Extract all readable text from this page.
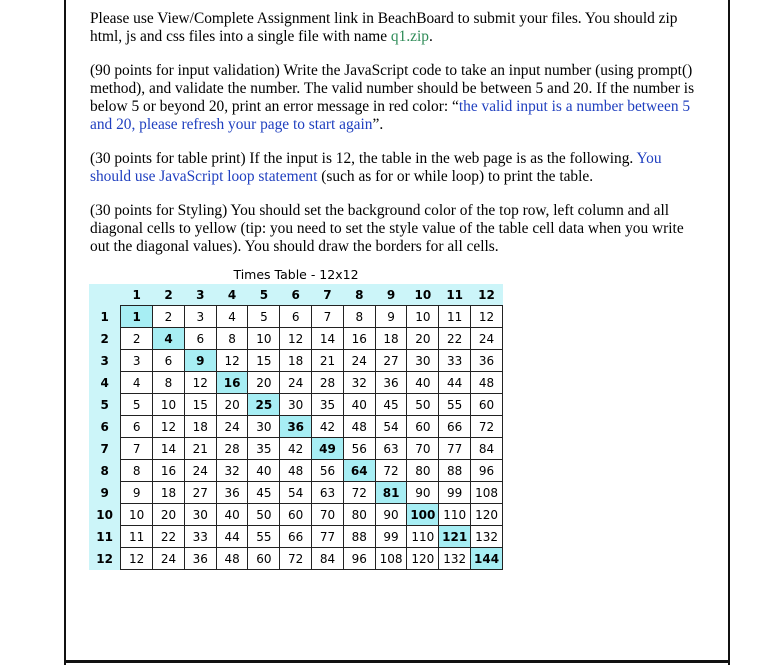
Please use View/Complete Assignment link in BeachBoard to submit your files. You should zip html, js and css files into a single file with name q1.zip.

(90 points for input validation) Write the JavaScript code to take an input number (using prompt() method), and validate the number. The valid number should be between 5 and 20. If the number is below 5 or beyond 20, print an error message in red color: “the valid input is a number between 5 and 20, please refresh your page to start again”.

(30 points for table print) If the input is 12, the table in the web page is as the following. You should use JavaScript loop statement (such as for or while loop) to print the table.

(30 points for Styling) You should set the background color of the top row, left column and all diagonal cells to yellow (tip: you need to set the style value of the table cell data when you write out the diagonal values). You should draw the borders for all cells.

Times Table - 12x12
	1	2	3	4	5	6	7	8	9	10	11	12
1	1	2	3	4	5	6	7	8	9	10	11	12
2	2	4	6	8	10	12	14	16	18	20	22	24
3	3	6	9	12	15	18	21	24	27	30	33	36
4	4	8	12	16	20	24	28	32	36	40	44	48
5	5	10	15	20	25	30	35	40	45	50	55	60
6	6	12	18	24	30	36	42	48	54	60	66	72
7	7	14	21	28	35	42	49	56	63	70	77	84
8	8	16	24	32	40	48	56	64	72	80	88	96
9	9	18	27	36	45	54	63	72	81	90	99	108
10	10	20	30	40	50	60	70	80	90	100	110	120
11	11	22	33	44	55	66	77	88	99	110	121	132
12	12	24	36	48	60	72	84	96	108	120	132	144
